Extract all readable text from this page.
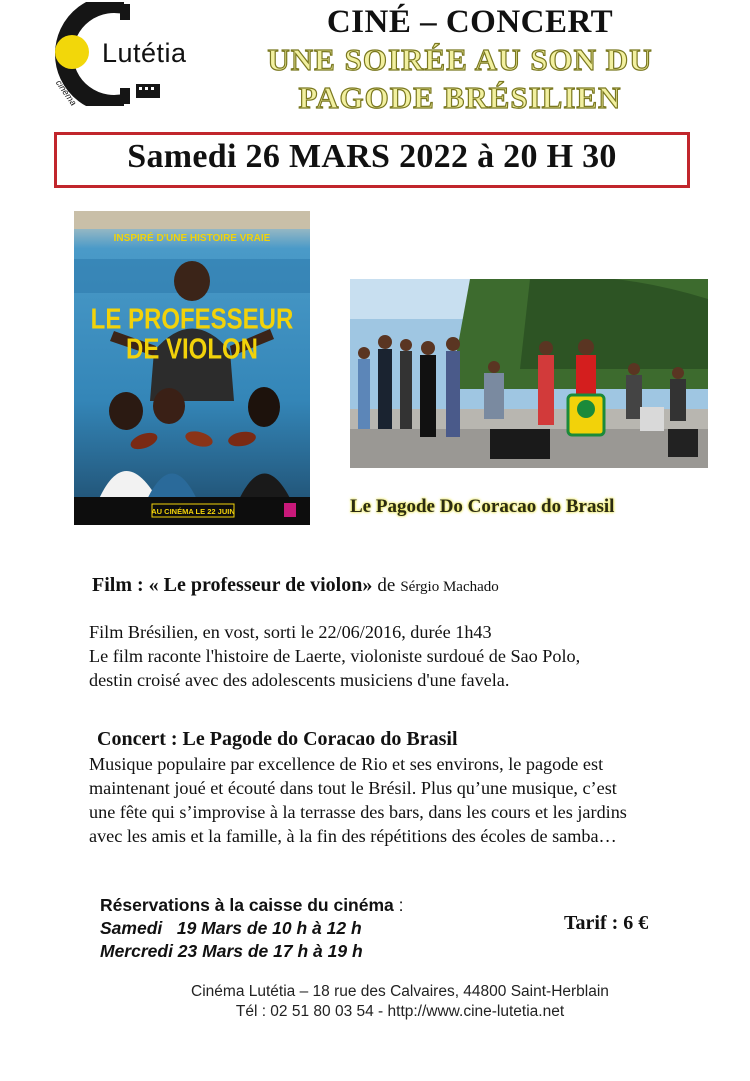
Lutétia
cinéma
CINÉ – CONCERT
UNE SOIRÉE AU SON DU
PAGODE BRÉSILIEN
Samedi 26 MARS 2022 à 20 H 30
INSPIRÉ D'UNE HISTOIRE VRAIE
LE PROFESSEUR
DE VIOLON
AU CINÉMA LE 22 JUIN	Le Pagode Do Coracao do Brasil
Film : « Le professeur de violon» de Sérgio Machado
Film Brésilien, en vost, sorti le 22/06/2016, durée 1h43
Le film raconte l'histoire de Laerte, violoniste surdoué de Sao Polo,
destin croisé avec des adolescents musiciens d'une favela.
Concert : Le Pagode do Coracao do Brasil
Musique populaire par excellence de Rio et ses environs, le pagode est
maintenant joué et écouté dans tout le Brésil. Plus qu’une musique, c’est
une fête qui s’improvise à la terrasse des bars, dans les cours et les jardins
avec les amis et la famille, à la fin des répétitions des écoles de samba…
Réservations à la caisse du cinéma :
Samedi   19 Mars de 10 h à 12 h
Mercredi 23 Mars de 17 h à 19 h
Tarif : 6 €
Cinéma Lutétia – 18 rue des Calvaires, 44800 Saint-Herblain
Tél : 02 51 80 03 54 - http://www.cine-lutetia.net
